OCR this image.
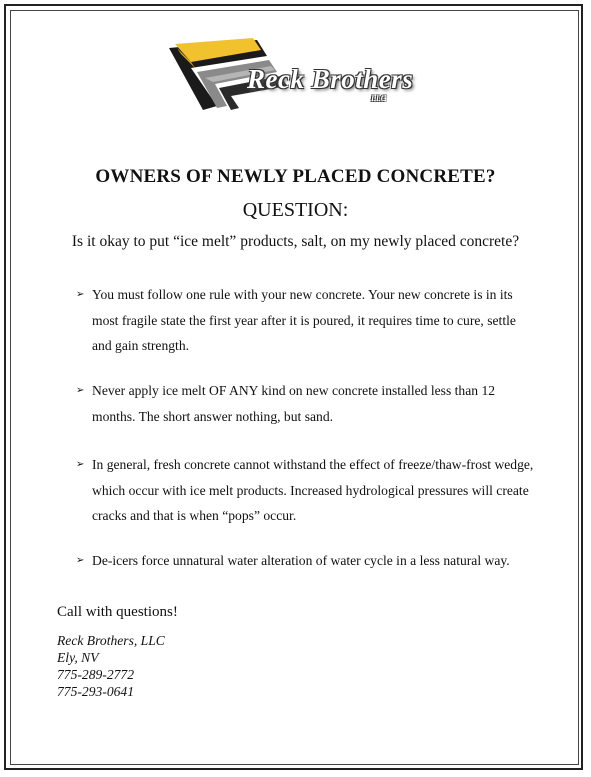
Reck Brothers
LLC
OWNERS OF NEWLY PLACED CONCRETE?
QUESTION:
Is it okay to put “ice melt” products, salt, on my newly placed concrete?
➢ You must follow one rule with your new concrete. Your new concrete is in its most fragile state the first year after it is poured, it requires time to cure, settle and gain strength.
➢ Never apply ice melt OF ANY kind on new concrete installed less than 12 months. The short answer nothing, but sand.
➢ In general, fresh concrete cannot withstand the effect of freeze/thaw-frost wedge, which occur with ice melt products. Increased hydrological pressures will create cracks and that is when “pops” occur.
➢ De-icers force unnatural water alteration of water cycle in a less natural way.
Call with questions!
Reck Brothers, LLC
Ely, NV
775-289-2772
775-293-0641
